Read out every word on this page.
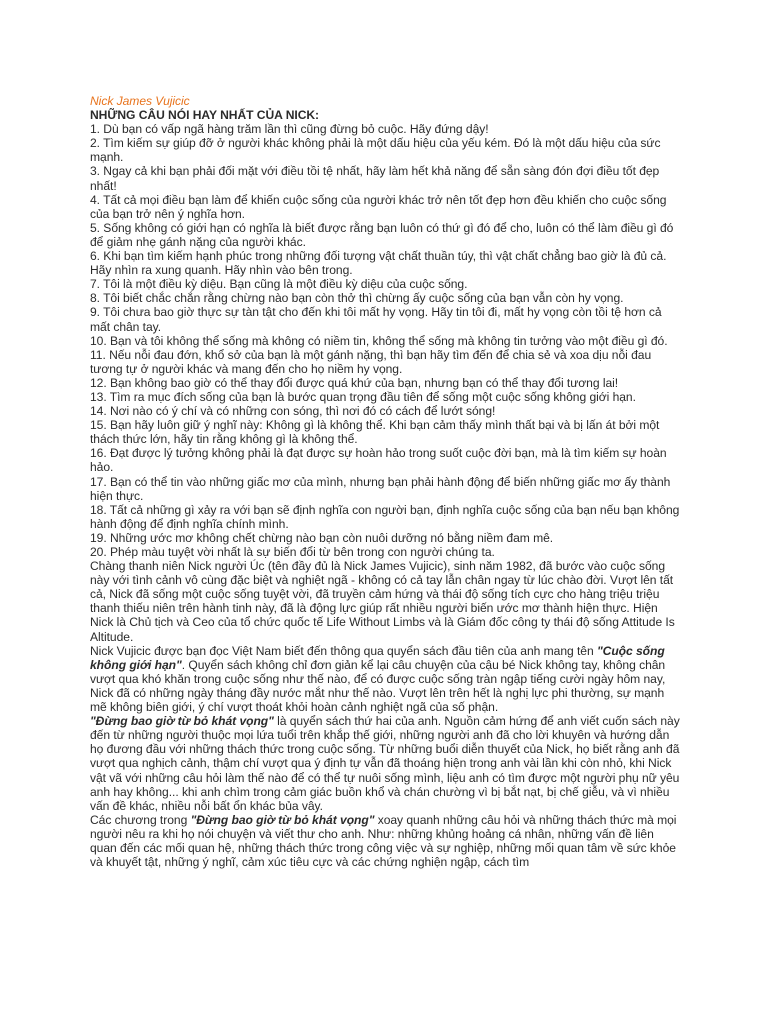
Nick James Vujicic
NHỮNG CÂU NÓI HAY NHẤT CỦA NICK:
1. Dù bạn có vấp ngã hàng trăm lần thì cũng đừng bỏ cuộc. Hãy đứng dậy!
2. Tìm kiếm sự giúp đỡ ở người khác không phải là một dấu hiệu của yếu kém. Đó là một dấu hiệu của sức mạnh.
3. Ngay cả khi bạn phải đối mặt với điều tồi tệ nhất, hãy làm hết khả năng để sẵn sàng đón đợi điều tốt đẹp nhất!
4. Tất cả mọi điều bạn làm để khiến cuộc sống của người khác trở nên tốt đẹp hơn đều khiến cho cuộc sống của bạn trở nên ý nghĩa hơn.
5. Sống không có giới hạn có nghĩa là biết được rằng bạn luôn có thứ gì đó để cho, luôn có thể làm điều gì đó để giảm nhẹ gánh nặng của người khác.
6. Khi bạn tìm kiếm hạnh phúc trong những đối tượng vật chất thuần túy, thì vật chất chẳng bao giờ là đủ cả. Hãy nhìn ra xung quanh. Hãy nhìn vào bên trong.
7. Tôi là một điều kỳ diệu. Bạn cũng là một điều kỳ diệu của cuộc sống.
8. Tôi biết chắc chắn rằng chừng nào bạn còn thở thì chừng ấy cuộc sống của bạn vẫn còn hy vọng.
9. Tôi chưa bao giờ thực sự tàn tật cho đến khi tôi mất hy vọng. Hãy tin tôi đi, mất hy vọng còn tồi tệ hơn cả mất chân tay.
10. Bạn và tôi không thể sống mà không có niềm tin, không thể sống mà không tin tưởng vào một điều gì đó.
11. Nếu nỗi đau đớn, khổ sở của bạn là một gánh nặng, thì bạn hãy tìm đến để chia sẻ và xoa dịu nỗi đau tương tự ở người khác và mang đến cho họ niềm hy vọng.
12. Bạn không bao giờ có thể thay đổi được quá khứ của bạn, nhưng bạn có thể thay đổi tương lai!
13. Tìm ra mục đích sống của bạn là bước quan trọng đầu tiên để sống một cuộc sống không giới hạn.
14. Nơi nào có ý chí và có những con sóng, thì nơi đó có cách để lướt sóng!
15. Bạn hãy luôn giữ ý nghĩ này: Không gì là không thể. Khi bạn cảm thấy mình thất bại và bị lấn át bởi một thách thức lớn, hãy tin rằng không gì là không thể.
16. Đạt được lý tưởng không phải là đạt được sự hoàn hảo trong suốt cuộc đời bạn, mà là tìm kiếm sự hoàn hảo.
17. Bạn có thể tin vào những giấc mơ của mình, nhưng bạn phải hành động để biến những giấc mơ ấy thành hiện thực.
18. Tất cả những gì xảy ra với bạn sẽ định nghĩa con người bạn, định nghĩa cuộc sống của bạn nếu bạn không hành động để định nghĩa chính mình.
19. Những ước mơ không chết chừng nào bạn còn nuôi dưỡng nó bằng niềm đam mê.
20. Phép màu tuyệt vời nhất là sự biến đổi từ bên trong con người chúng ta.
Chàng thanh niên Nick người Úc (tên đầy đủ là Nick James Vujicic), sinh năm 1982, đã bước vào cuộc sống này với tình cảnh vô cùng đặc biệt và nghiệt ngã - không có cả tay lẫn chân ngay từ lúc chào đời. Vượt lên tất cả, Nick đã sống một cuộc sống tuyệt vời, đã truyền cảm hứng và thái độ sống tích cực cho hàng triệu triệu thanh thiếu niên trên hành tinh này, đã là động lực giúp rất nhiều người biến ước mơ thành hiện thực. Hiện Nick là Chủ tịch và Ceo của tổ chức quốc tế Life Without Limbs và là Giám đốc công ty thái độ sống Attitude Is Altitude.
Nick Vujicic được bạn đọc Việt Nam biết đến thông qua quyển sách đầu tiên của anh mang tên "Cuộc sống không giới hạn". Quyển sách không chỉ đơn giản kể lại câu chuyện của cậu bé Nick không tay, không chân vượt qua khó khăn trong cuộc sống như thế nào, để có được cuộc sống tràn ngập tiếng cười ngày hôm nay, Nick đã có những ngày tháng đầy nước mắt như thế nào. Vượt lên trên hết là nghị lực phi thường, sự mạnh mẽ không biên giới, ý chí vượt thoát khỏi hoàn cảnh nghiệt ngã của số phận.
"Đừng bao giờ từ bỏ khát vọng" là quyển sách thứ hai của anh. Nguồn cảm hứng để anh viết cuốn sách này đến từ những người thuộc mọi lứa tuổi trên khắp thế giới, những người anh đã cho lời khuyên và hướng dẫn họ đương đầu với những thách thức trong cuộc sống. Từ những buổi diễn thuyết của Nick, họ biết rằng anh đã vượt qua nghịch cảnh, thậm chí vượt qua ý định tự vẫn đã thoáng hiện trong anh vài lần khi còn nhỏ, khi Nick vật vã với những câu hỏi làm thế nào để có thể tự nuôi sống mình, liệu anh có tìm được một người phụ nữ yêu anh hay không... khi anh chìm trong cảm giác buồn khổ và chán chường vì bị bắt nạt, bị chế giễu, và vì nhiều vấn đề khác, nhiều nỗi bất ổn khác bủa vây.
Các chương trong "Đừng bao giờ từ bỏ khát vọng" xoay quanh những câu hỏi và những thách thức mà mọi người nêu ra khi họ nói chuyện và viết thư cho anh. Như: những khủng hoảng cá nhân, những vấn đề liên quan đến các mối quan hệ, những thách thức trong công việc và sự nghiệp, những mối quan tâm về sức khỏe và khuyết tật, những ý nghĩ, cảm xúc tiêu cực và các chứng nghiện ngập, cách tìm
